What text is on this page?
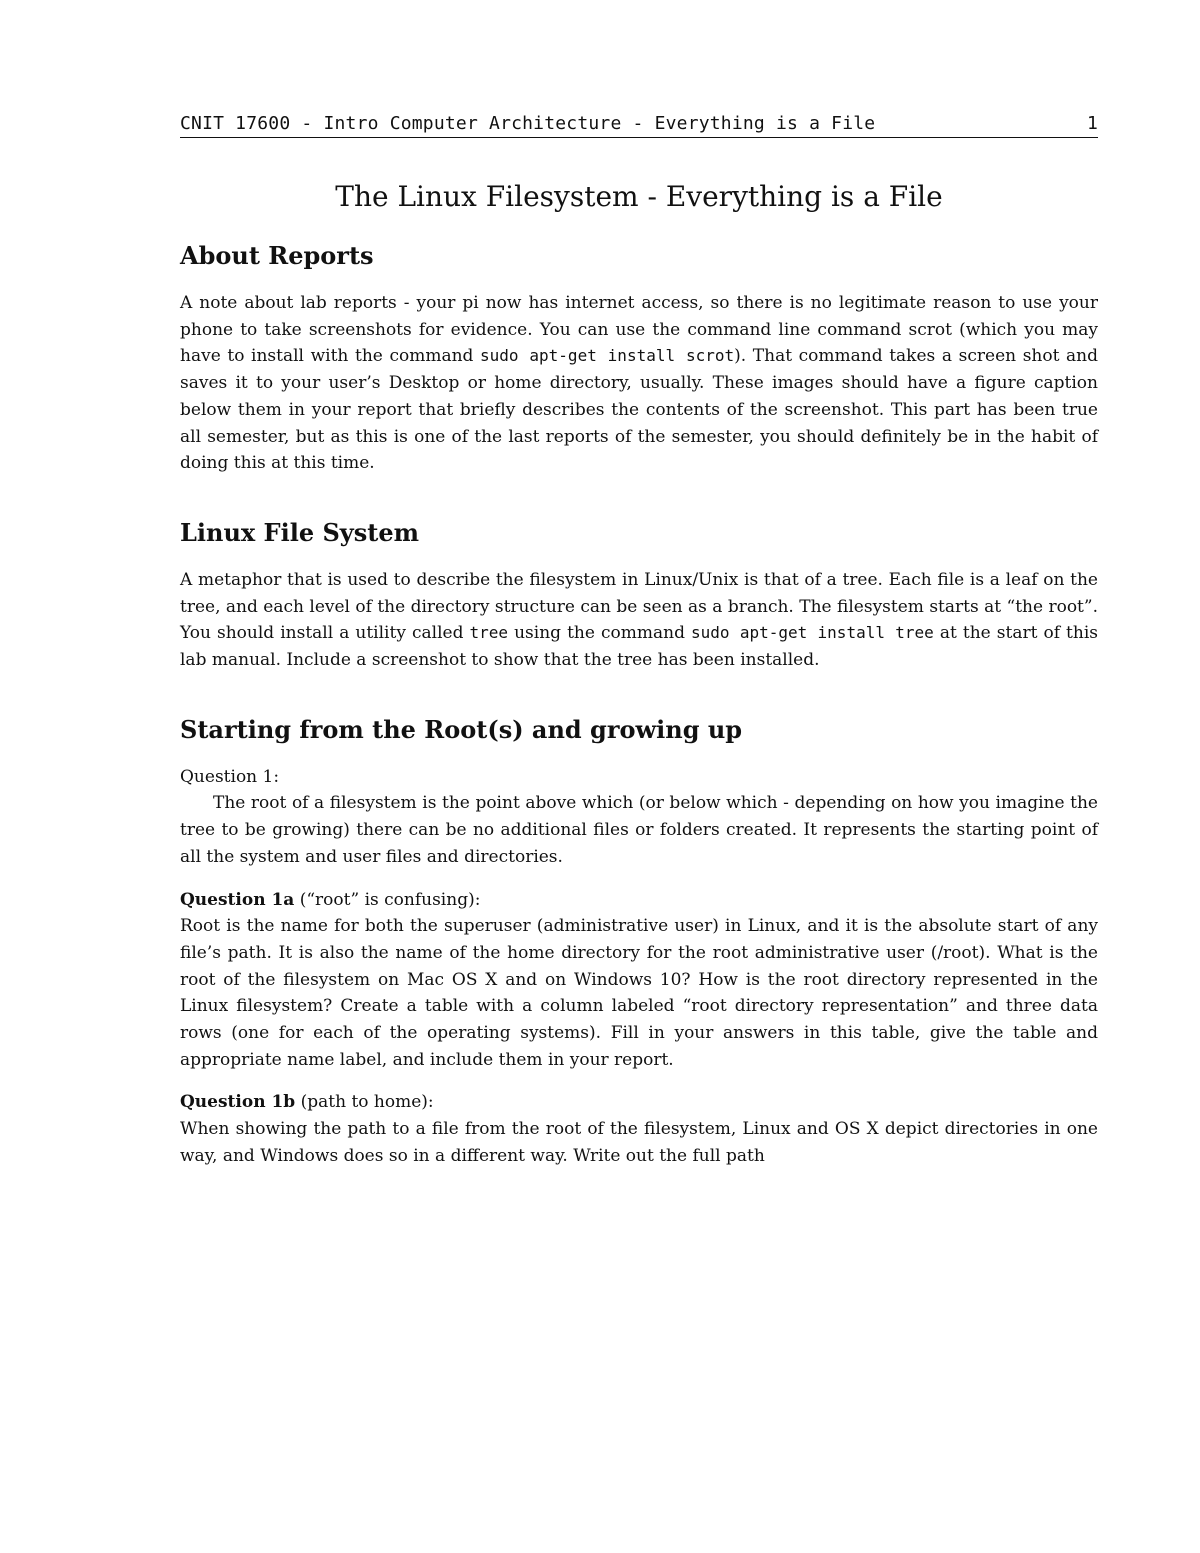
CNIT 17600 - Intro Computer Architecture - Everything is a File	1
The Linux Filesystem - Everything is a File
About Reports

A note about lab reports - your pi now has internet access, so there is no legitimate reason to use your phone to take screenshots for evidence. You can use the command line command scrot (which you may have to install with the command sudo apt-get install scrot). That command takes a screen shot and saves it to your user’s Desktop or home directory, usually. These images should have a figure caption below them in your report that briefly describes the contents of the screenshot. This part has been true all semester, but as this is one of the last reports of the semester, you should definitely be in the habit of doing this at this time.

Linux File System

A metaphor that is used to describe the filesystem in Linux/Unix is that of a tree. Each file is a leaf on the tree, and each level of the directory structure can be seen as a branch. The filesystem starts at “the root”. You should install a utility called tree using the command sudo apt-get install tree at the start of this lab manual. Include a screenshot to show that the tree has been installed.

Starting from the Root(s) and growing up
Question 1:

The root of a filesystem is the point above which (or below which - depending on how you imagine the tree to be growing) there can be no additional files or folders created. It represents the starting point of all the system and user files and directories.

Question 1a (“root” is confusing):

Root is the name for both the superuser (administrative user) in Linux, and it is the absolute start of any file’s path. It is also the name of the home directory for the root administrative user (/root). What is the root of the filesystem on Mac OS X and on Windows 10? How is the root directory represented in the Linux filesystem? Create a table with a column labeled “root directory representation” and three data rows (one for each of the operating systems). Fill in your answers in this table, give the table and appropriate name label, and include them in your report.

Question 1b (path to home):

When showing the path to a file from the root of the filesystem, Linux and OS X depict directories in one way, and Windows does so in a different way. Write out the full path
